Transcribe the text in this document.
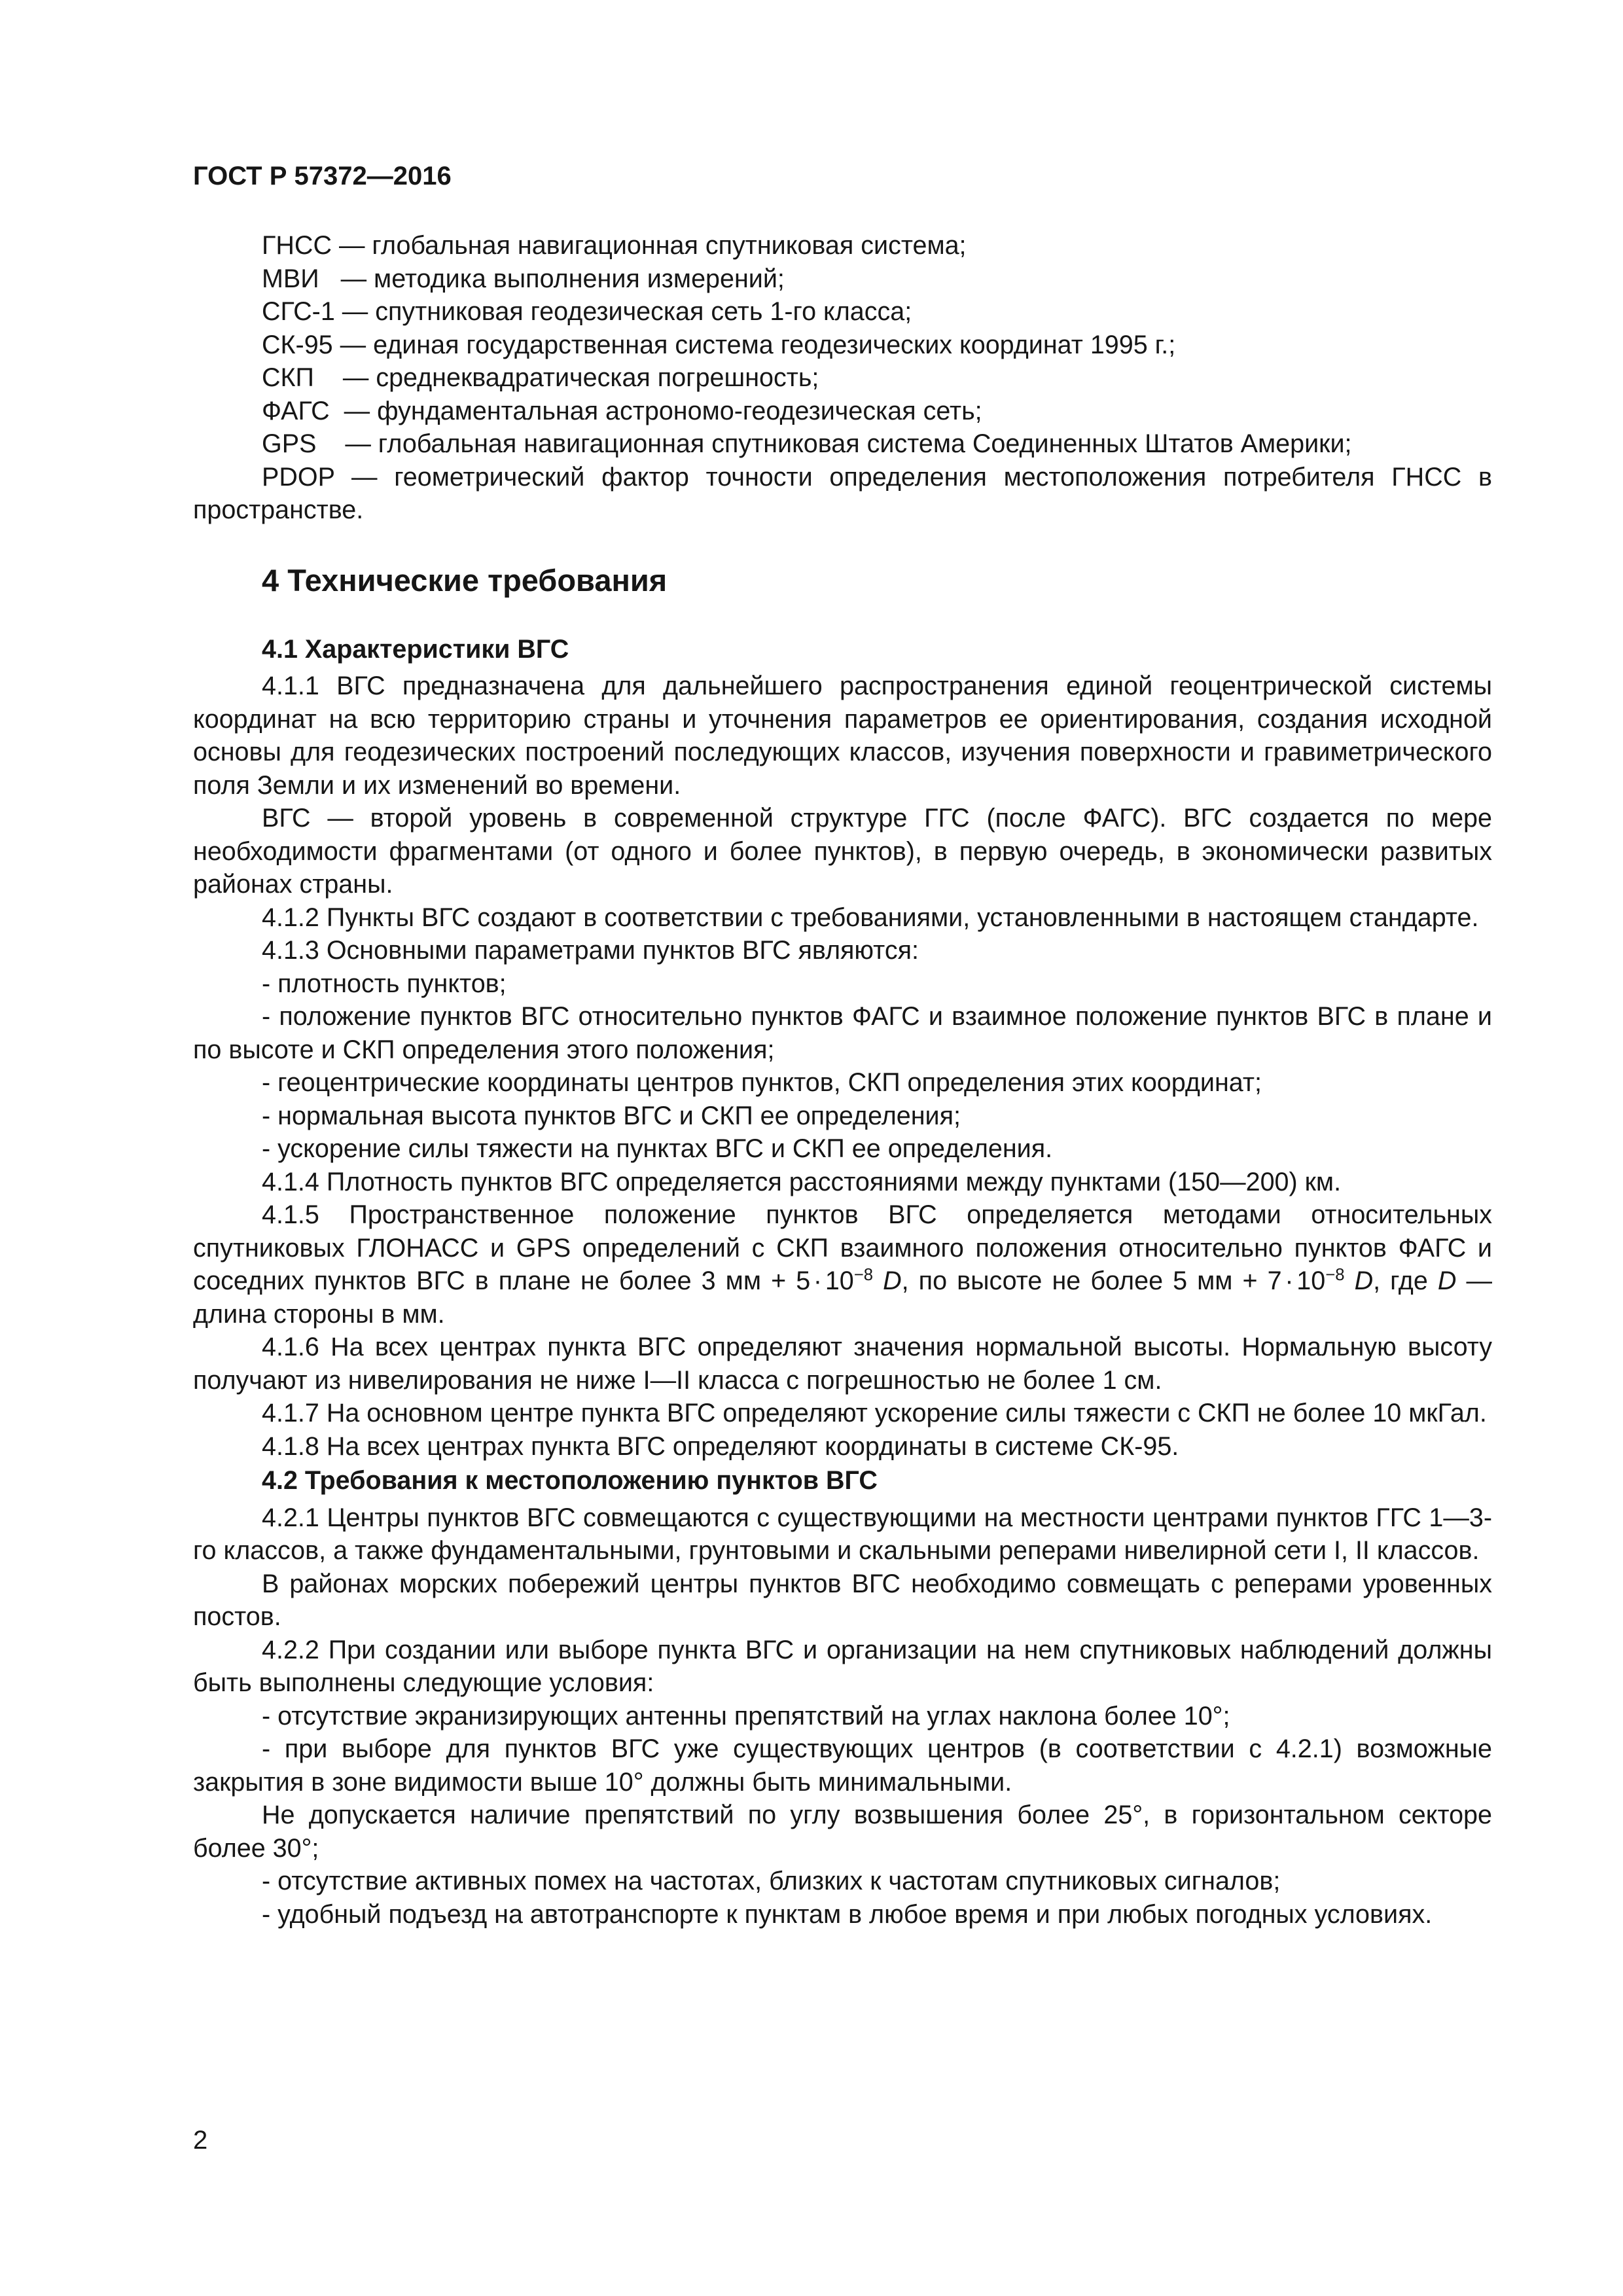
ГОСТ Р 57372—2016
ГНСС — глобальная навигационная спутниковая система;
МВИ   — методика выполнения измерений;
СГС-1 — спутниковая геодезическая сеть 1-го класса;
СК-95 — единая государственная система геодезических координат 1995 г.;
СКП    — среднеквадратическая погрешность;
ФАГС  — фундаментальная астрономо-геодезическая сеть;
GPS    — глобальная навигационная спутниковая система Соединенных Штатов Америки;

PDOP — геометрический фактор точности определения местоположения потребителя ГНСС в пространстве.

4 Технические требования
4.1 Характеристики ВГС

4.1.1 ВГС предназначена для дальнейшего распространения единой геоцентрической системы координат на всю территорию страны и уточнения параметров ее ориентирования, создания исходной основы для геодезических построений последующих классов, изучения поверхности и гравиметрического поля Земли и их изменений во времени.

ВГС — второй уровень в современной структуре ГГС (после ФАГС). ВГС создается по мере необходимости фрагментами (от одного и более пунктов), в первую очередь, в экономически развитых районах страны.

4.1.2 Пункты ВГС создают в соответствии с требованиями, установленными в настоящем стандарте.

4.1.3 Основными параметрами пунктов ВГС являются:

- плотность пунктов;

- положение пунктов ВГС относительно пунктов ФАГС и взаимное положение пунктов ВГС в плане и по высоте и СКП определения этого положения;

- геоцентрические координаты центров пунктов, СКП определения этих координат;

- нормальная высота пунктов ВГС и СКП ее определения;

- ускорение силы тяжести на пунктах ВГС и СКП ее определения.

4.1.4 Плотность пунктов ВГС определяется расстояниями между пунктами (150—200) км.

4.1.5 Пространственное положение пунктов ВГС определяется методами относительных спутниковых ГЛОНАСС и GPS определений с СКП взаимного положения относительно пунктов ФАГС и соседних пунктов ВГС в плане не более 3 мм + $5 \cdot 10^{-8}$ D, по высоте не более 5 мм + $7 \cdot 10^{-8}$ D, где D — длина стороны в мм.

4.1.6 На всех центрах пункта ВГС определяют значения нормальной высоты. Нормальную высоту получают из нивелирования не ниже I—II класса с погрешностью не более 1 см.

4.1.7 На основном центре пункта ВГС определяют ускорение силы тяжести с СКП не более 10 мкГал.

4.1.8 На всех центрах пункта ВГС определяют координаты в системе СК-95.

4.2 Требования к местоположению пунктов ВГС

4.2.1 Центры пунктов ВГС совмещаются с существующими на местности центрами пунктов ГГС 1—3-го классов, а также фундаментальными, грунтовыми и скальными реперами нивелирной сети I, II классов.

В районах морских побережий центры пунктов ВГС необходимо совмещать с реперами уровенных постов.

4.2.2 При создании или выборе пункта ВГС и организации на нем спутниковых наблюдений должны быть выполнены следующие условия:

- отсутствие экранизирующих антенны препятствий на углах наклона более 10°;

- при выборе для пунктов ВГС уже существующих центров (в соответствии с 4.2.1) возможные закрытия в зоне видимости выше 10° должны быть минимальными.

Не допускается наличие препятствий по углу возвышения более 25°, в горизонтальном секторе более 30°;

- отсутствие активных помех на частотах, близких к частотам спутниковых сигналов;

- удобный подъезд на автотранспорте к пунктам в любое время и при любых погодных условиях.

2
